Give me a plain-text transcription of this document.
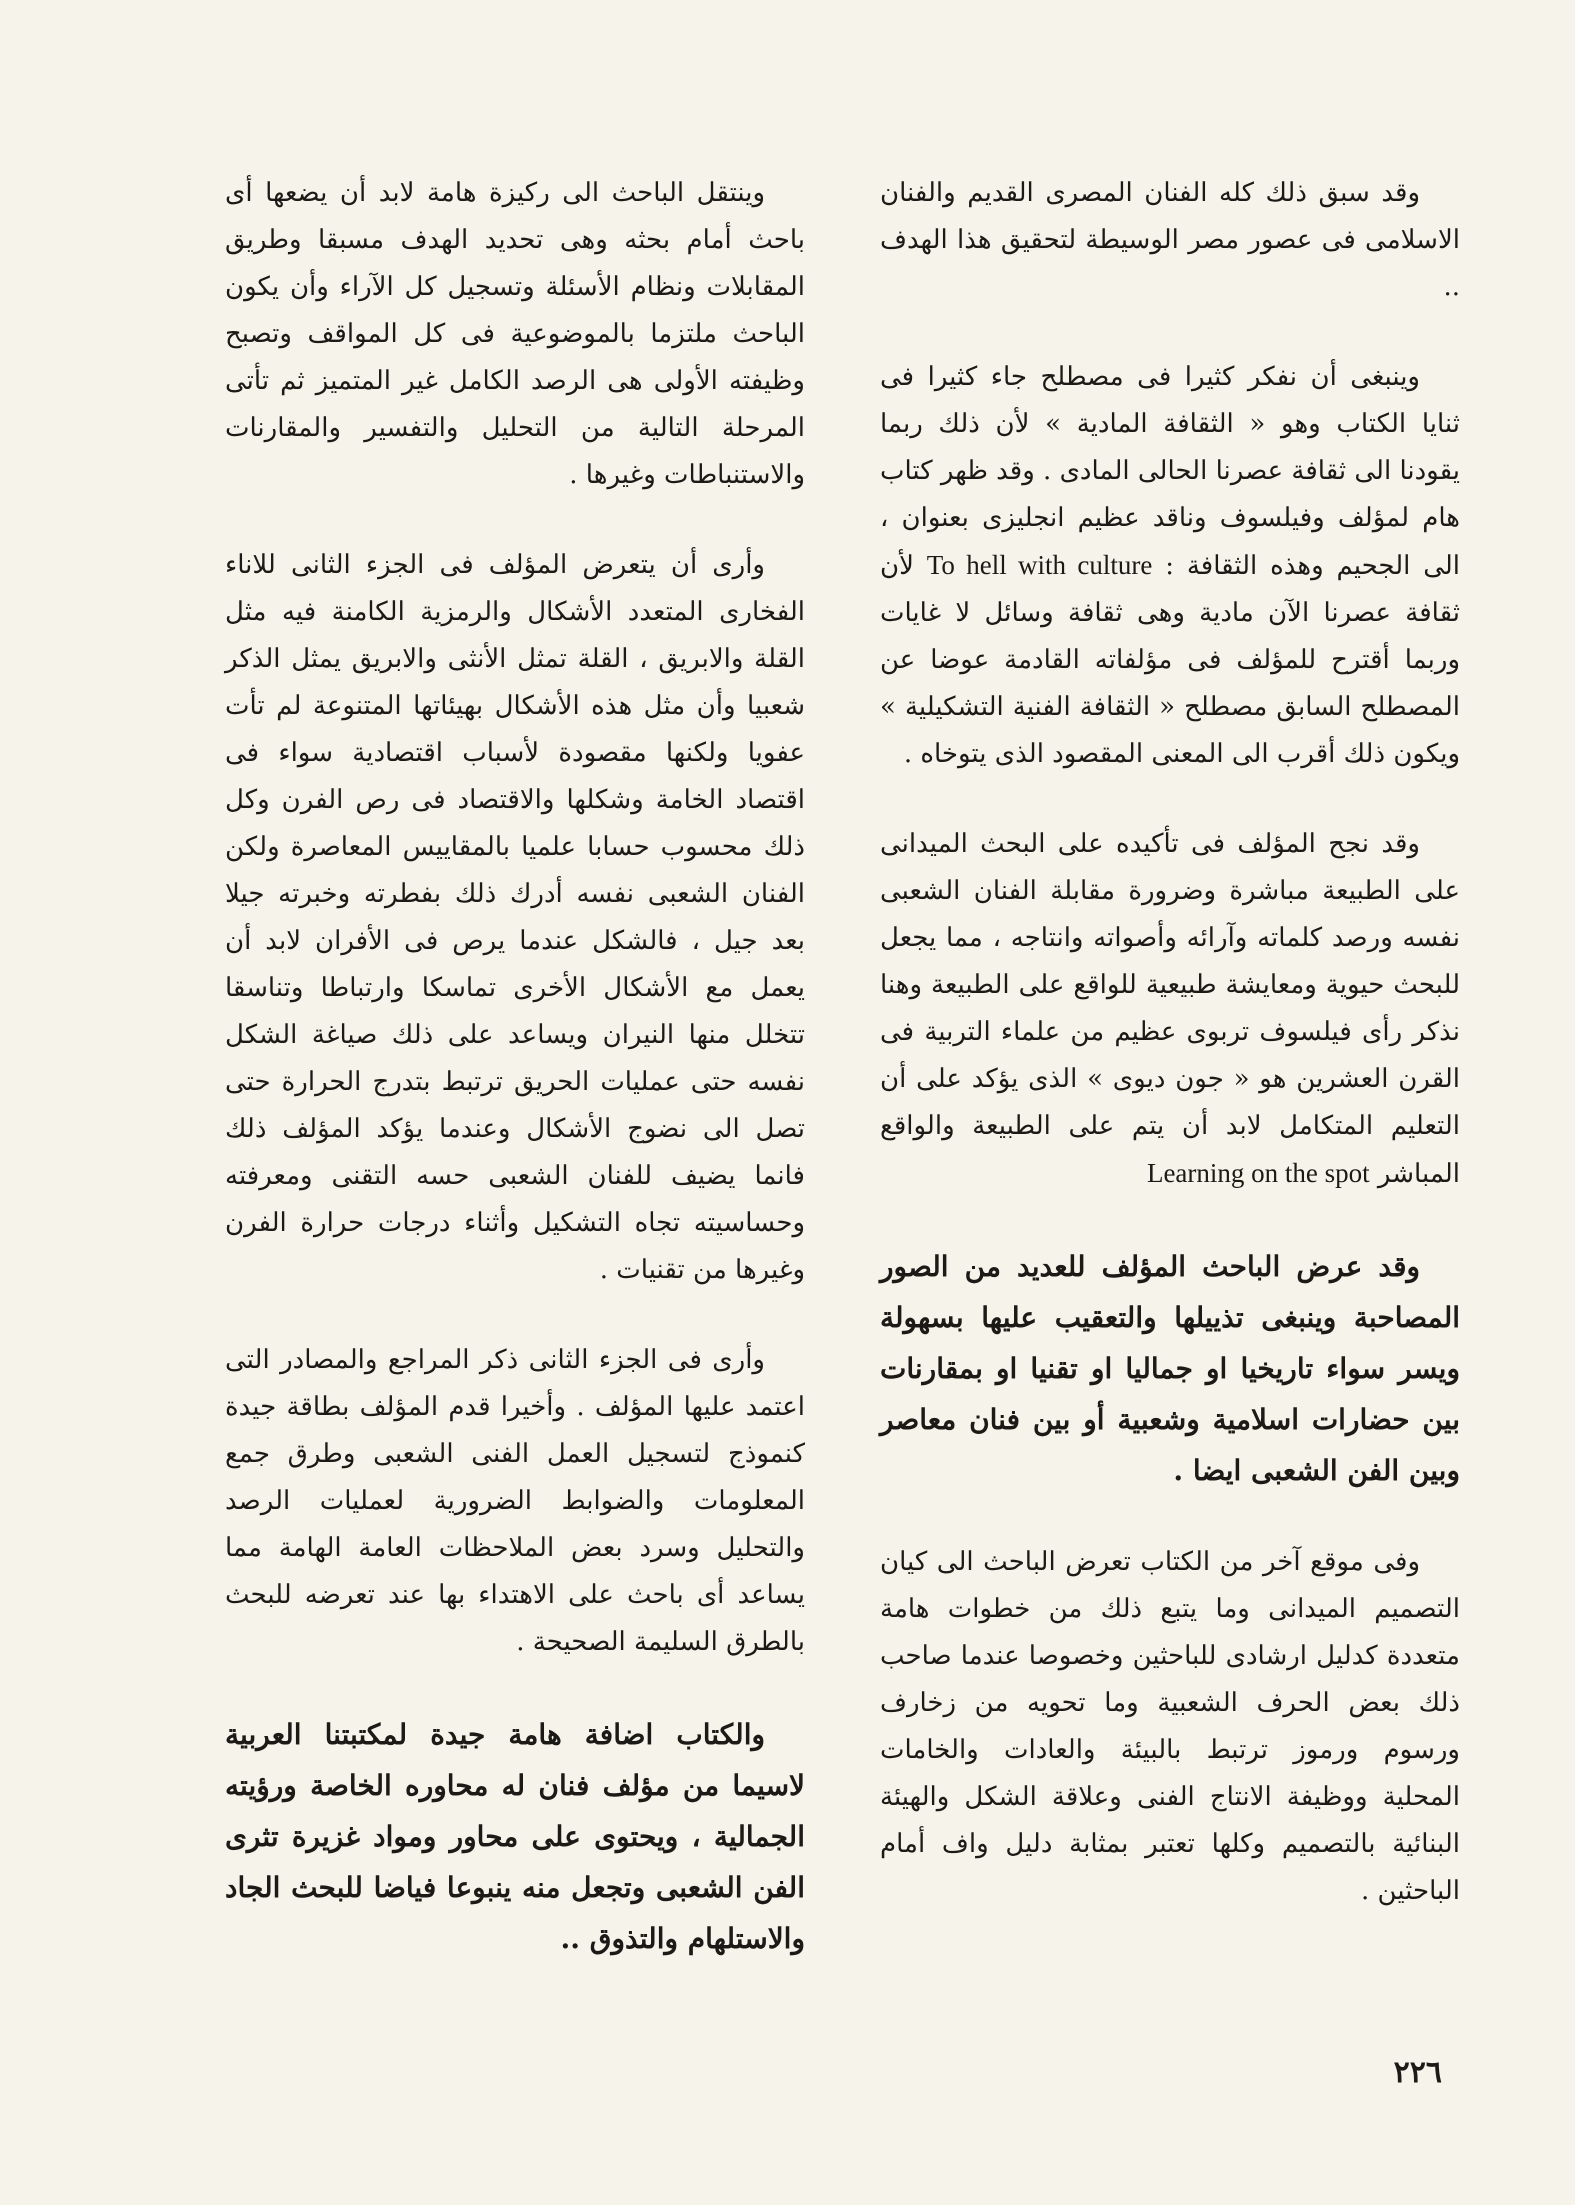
وقد سبق ذلك كله الفنان المصرى القديم والفنان الاسلامى فى عصور مصر الوسيطة لتحقيق هذا الهدف ..

وينبغى أن نفكر كثيرا فى مصطلح جاء كثيرا فى ثنايا الكتاب وهو « الثقافة المادية » لأن ذلك ربما يقودنا الى ثقافة عصرنا الحالى المادى . وقد ظهر كتاب هام لمؤلف وفيلسوف وناقد عظيم انجليزى بعنوان ، الى الجحيم وهذه الثقافة : To hell with culture لأن ثقافة عصرنا الآن مادية وهى ثقافة وسائل لا غايات وربما أقترح للمؤلف فى مؤلفاته القادمة عوضا عن المصطلح السابق مصطلح « الثقافة الفنية التشكيلية » ويكون ذلك أقرب الى المعنى المقصود الذى يتوخاه .

وقد نجح المؤلف فى تأكيده على البحث الميدانى على الطبيعة مباشرة وضرورة مقابلة الفنان الشعبى نفسه ورصد كلماته وآرائه وأصواته وانتاجه ، مما يجعل للبحث حيوية ومعايشة طبيعية للواقع على الطبيعة وهنا نذكر رأى فيلسوف تربوى عظيم من علماء التربية فى القرن العشرين هو « جون ديوى » الذى يؤكد على أن التعليم المتكامل لابد أن يتم على الطبيعة والواقع المباشر Learning on the spot

وقد عرض الباحث المؤلف للعديد من الصور المصاحبة وينبغى تذييلها والتعقيب عليها بسهولة ويسر سواء تاريخيا او جماليا او تقنيا او بمقارنات بين حضارات اسلامية وشعبية أو بين فنان معاصر وبين الفن الشعبى ايضا .

وفى موقع آخر من الكتاب تعرض الباحث الى كيان التصميم الميدانى وما يتبع ذلك من خطوات هامة متعددة كدليل ارشادى للباحثين وخصوصا عندما صاحب ذلك بعض الحرف الشعبية وما تحويه من زخارف ورسوم ورموز ترتبط بالبيئة والعادات والخامات المحلية ووظيفة الانتاج الفنى وعلاقة الشكل والهيئة البنائية بالتصميم وكلها تعتبر بمثابة دليل واف أمام الباحثين .

وينتقل الباحث الى ركيزة هامة لابد أن يضعها أى باحث أمام بحثه وهى تحديد الهدف مسبقا وطريق المقابلات ونظام الأسئلة وتسجيل كل الآراء وأن يكون الباحث ملتزما بالموضوعية فى كل المواقف وتصبح وظيفته الأولى هى الرصد الكامل غير المتميز ثم تأتى المرحلة التالية من التحليل والتفسير والمقارنات والاستنباطات وغيرها .

وأرى أن يتعرض المؤلف فى الجزء الثانى للاناء الفخارى المتعدد الأشكال والرمزية الكامنة فيه مثل القلة والابريق ، القلة تمثل الأنثى والابريق يمثل الذكر شعبيا وأن مثل هذه الأشكال بهيئاتها المتنوعة لم تأت عفويا ولكنها مقصودة لأسباب اقتصادية سواء فى اقتصاد الخامة وشكلها والاقتصاد فى رص الفرن وكل ذلك محسوب حسابا علميا بالمقاييس المعاصرة ولكن الفنان الشعبى نفسه أدرك ذلك بفطرته وخبرته جيلا بعد جيل ، فالشكل عندما يرص فى الأفران لابد أن يعمل مع الأشكال الأخرى تماسكا وارتباطا وتناسقا تتخلل منها النيران ويساعد على ذلك صياغة الشكل نفسه حتى عمليات الحريق ترتبط بتدرج الحرارة حتى تصل الى نضوج الأشكال وعندما يؤكد المؤلف ذلك فانما يضيف للفنان الشعبى حسه التقنى ومعرفته وحساسيته تجاه التشكيل وأثناء درجات حرارة الفرن وغيرها من تقنيات .

وأرى فى الجزء الثانى ذكر المراجع والمصادر التى اعتمد عليها المؤلف . وأخيرا قدم المؤلف بطاقة جيدة كنموذج لتسجيل العمل الفنى الشعبى وطرق جمع المعلومات والضوابط الضرورية لعمليات الرصد والتحليل وسرد بعض الملاحظات العامة الهامة مما يساعد أى باحث على الاهتداء بها عند تعرضه للبحث بالطرق السليمة الصحيحة .

والكتاب اضافة هامة جيدة لمكتبتنا العربية لاسيما من مؤلف فنان له محاوره الخاصة ورؤيته الجمالية ، ويحتوى على محاور ومواد غزيرة تثرى الفن الشعبى وتجعل منه ينبوعا فياضا للبحث الجاد والاستلهام والتذوق ..

٢٢٦
